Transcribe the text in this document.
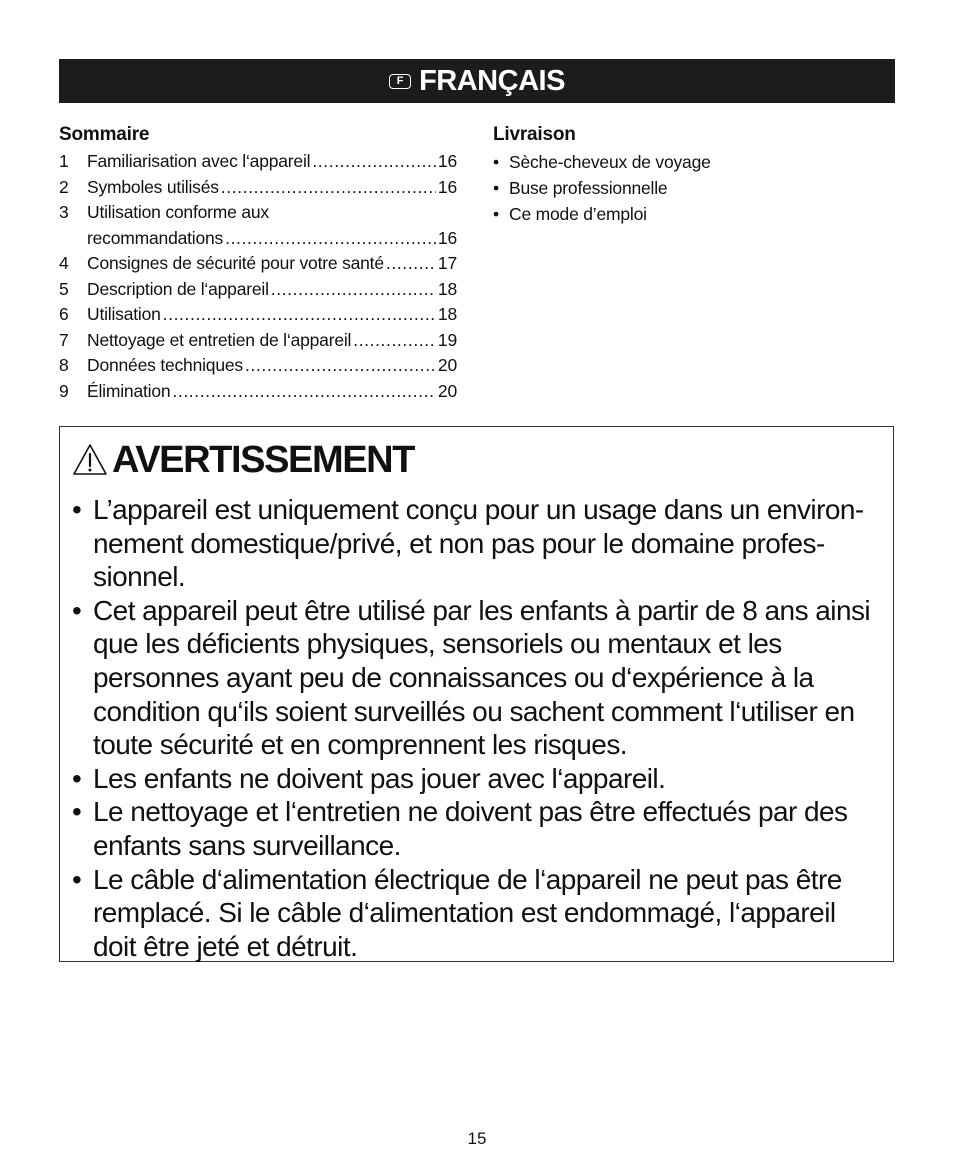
F FRANÇAIS
Sommaire
1	Familiarisation avec l‘appareil .....	16
2	Symboles utilisés .....	16
3	Utilisation conforme aux
recommandations .....	16
4	Consignes de sécurité pour votre santé .....	17
5	Description de l‘appareil .....	18
6	Utilisation .....	18
7	Nettoyage et entretien de l‘appareil .....	19
8	Données techniques .....	20
9	Élimination .....	20
Livraison
• Sèche-cheveux de voyage
• Buse professionnelle
• Ce mode d’emploi
AVERTISSEMENT
• L’appareil est uniquement conçu pour un usage dans un environnement domestique/privé, et non pas pour le domaine professionnel.
• Cet appareil peut être utilisé par les enfants à partir de 8 ans ainsi que les déficients physiques, sensoriels ou mentaux et les personnes ayant peu de connaissances ou d‘expérience à la condition qu‘ils soient surveillés ou sachent comment l‘utiliser en toute sécurité et en comprennent les risques.
• Les enfants ne doivent pas jouer avec l‘appareil.
• Le nettoyage et l‘entretien ne doivent pas être effectués par des enfants sans surveillance.
• Le câble d‘alimentation électrique de l‘appareil ne peut pas être remplacé. Si le câble d‘alimentation est endommagé, l‘appareil doit être jeté et détruit.
15
